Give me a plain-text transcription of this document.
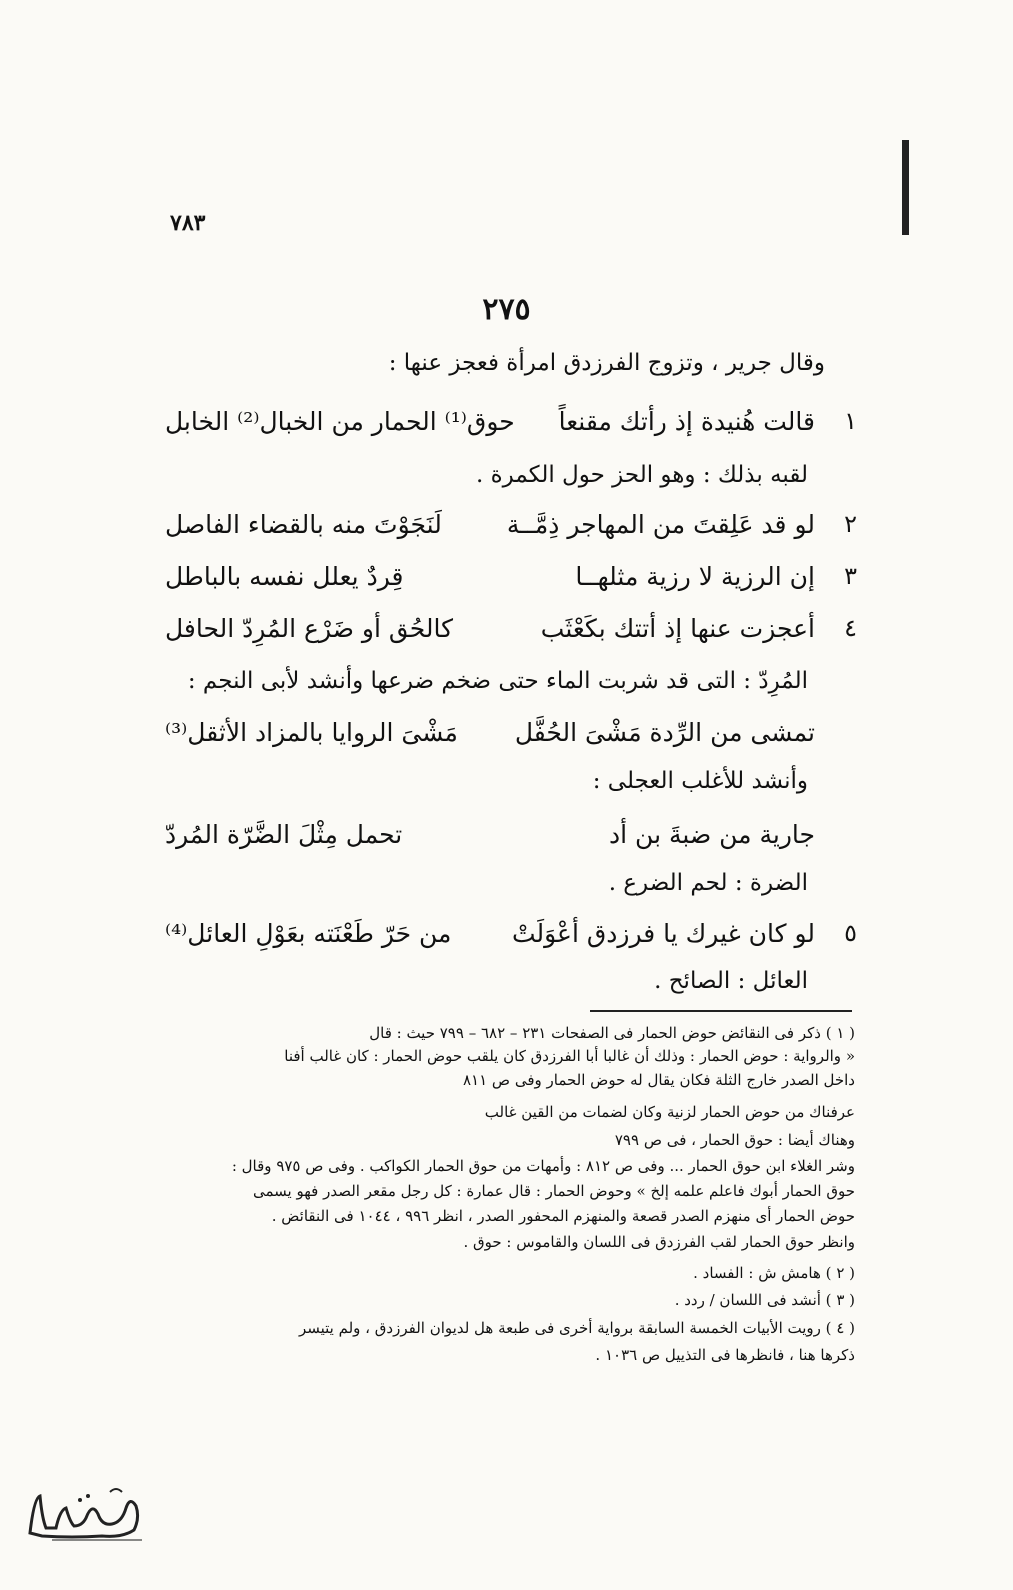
٧٨٣
٢٧٥
وقال جرير ، وتزوج الفرزدق امرأة فعجز عنها :
١
قالت هُنيدة إذ رأتك مقنعاً
حوق⁽¹⁾ الحمار من الخبال⁽²⁾ الخابل
لقبه بذلك : وهو الحز حول الكمرة .
٢
لو قد عَلِقتَ من المهاجر ذِمَّــة
لَنَجَوْتَ منه بالقضاء الفاصل
٣
إن الرزية لا رزية مثلهــا
قِردٌ يعلل نفسه بالباطل
٤
أعجزت عنها إذ أتتك بكَعْثَب
كالحُق أو ضَرْع المُرِدّ الحافل
المُرِدّ : التى قد شربت الماء حتى ضخم ضرعها وأنشد لأبى النجم :
تمشى من الرِّدة مَشْىَ الحُفَّل
مَشْىَ الروايا بالمزاد الأثقل⁽³⁾
وأنشد للأغلب العجلى :
جارية من ضبةَ بن أد
تحمل مِثْلَ الضَّرّة المُردّ
الضرة : لحم الضرع .
٥
لو كان غيرك يا فرزدق أعْوَلَتْ
من حَرّ طَعْنَته بعَوْلِ العائل⁽⁴⁾
العائل : الصائح .
( ١ ) ذكر فى النقائض حوض الحمار فى الصفحات ٢٣١ – ٦٨٢ – ٧٩٩ حيث : قال
« والرواية : حوض الحمار : وذلك أن غالبا أبا الفرزدق كان يلقب حوض الحمار : كان غالب أفنا
داخل الصدر خارج الثلة فكان يقال له حوض الحمار وفى ص ٨١١
عرفناك من حوض الحمار لزنية وكان لضمات من القين غالب
وهناك أيضا : حوق الحمار ، فى ص ٧٩٩
وشر الغلاء ابن حوق الحمار ... وفى ص ٨١٢ : وأمهات من حوق الحمار الكواكب . وفى ص ٩٧٥ وقال :
حوق الحمار أبوك فاعلم علمه إلخ » وحوض الحمار : قال عمارة : كل رجل مقعر الصدر فهو يسمى
حوض الحمار أى منهزم الصدر قصعة والمنهزم المحفور الصدر ، انظر ٩٩٦ ، ١٠٤٤ فى النقائض .
وانظر حوق الحمار لقب الفرزدق فى اللسان والقاموس : حوق .
( ٢ ) هامش ش : الفساد .
( ٣ ) أنشد فى اللسان / ردد .
( ٤ ) رويت الأبيات الخمسة السابقة برواية أخرى فى طبعة هل لديوان الفرزدق ، ولم يتيسر
ذكرها هنا ، فانظرها فى التذييل ص ١٠٣٦ .
